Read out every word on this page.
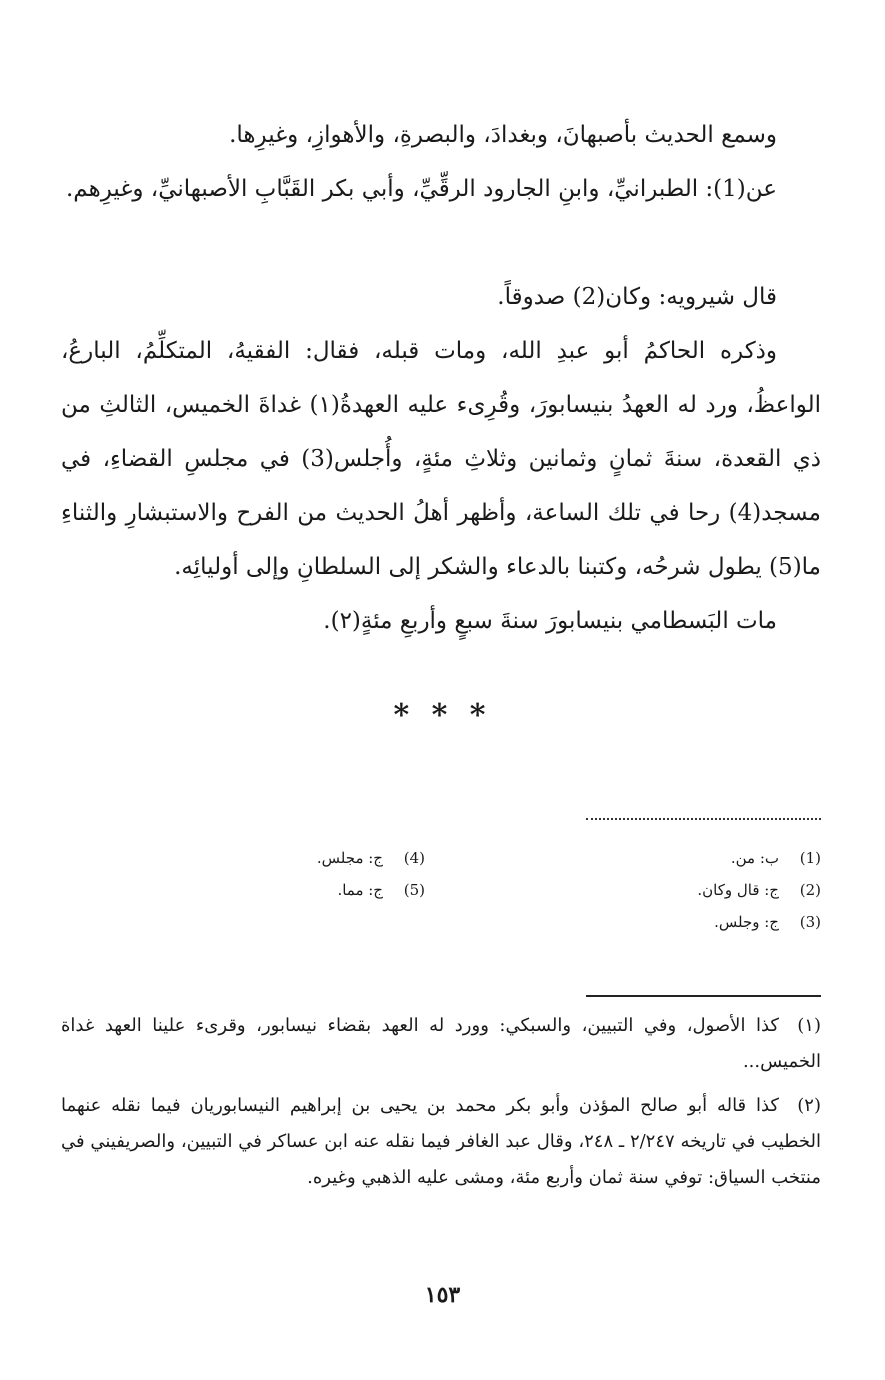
وسمع الحديث بأصبهانَ، وبغدادَ، والبصرةِ، والأهوازِ، وغيرِها.

عن(1): الطبرانيِّ، وابنِ الجارود الرقِّيِّ، وأبي بكر القَبَّابِ الأصبهانيِّ، وغيرِهم.

قال شيرويه: وكان(2) صدوقاً.

وذكره الحاكمُ أبو عبدِ الله، ومات قبله، فقال: الفقيهُ، المتكلِّمُ، البارعُ، الواعظُ، ورد له العهدُ بنيسابورَ، وقُرِىء عليه العهدةُ(١) غداةَ الخميس، الثالثِ من ذي القعدة، سنةَ ثمانٍ وثمانين وثلاثِ مئةٍ، وأُجلس(3) في مجلسِ القضاءِ، في مسجد(4) رحا في تلك الساعة، وأظهر أهلُ الحديث من الفرح والاستبشارِ والثناءِ ما(5) يطول شرحُه، وكتبنا بالدعاء والشكر إلى السلطانِ وإلى أوليائِه.

مات البَسطامي بنيسابورَ سنةَ سبعٍ وأربعِ مئةٍ(٢).

* * *
(1)ب: من.
(2)ج: قال وكان.
(3)ج: وجلس.
(4)ج: مجلس.
(5)ج: مما.

(١)كذا الأصول، وفي التبيين، والسبكي: وورد له العهد بقضاء نيسابور، وقرىء علينا العهد غداة الخميس...

(٢)كذا قاله أبو صالح المؤذن وأبو بكر محمد بن يحيى بن إبراهيم النيسابوريان فيما نقله عنهما الخطيب في تاريخه ٢/٢٤٧ ـ ٢٤٨، وقال عبد الغافر فيما نقله عنه ابن عساكر في التبيين، والصريفيني في منتخب السياق: توفي سنة ثمان وأربع مئة، ومشى عليه الذهبي وغيره.

١٥٣
